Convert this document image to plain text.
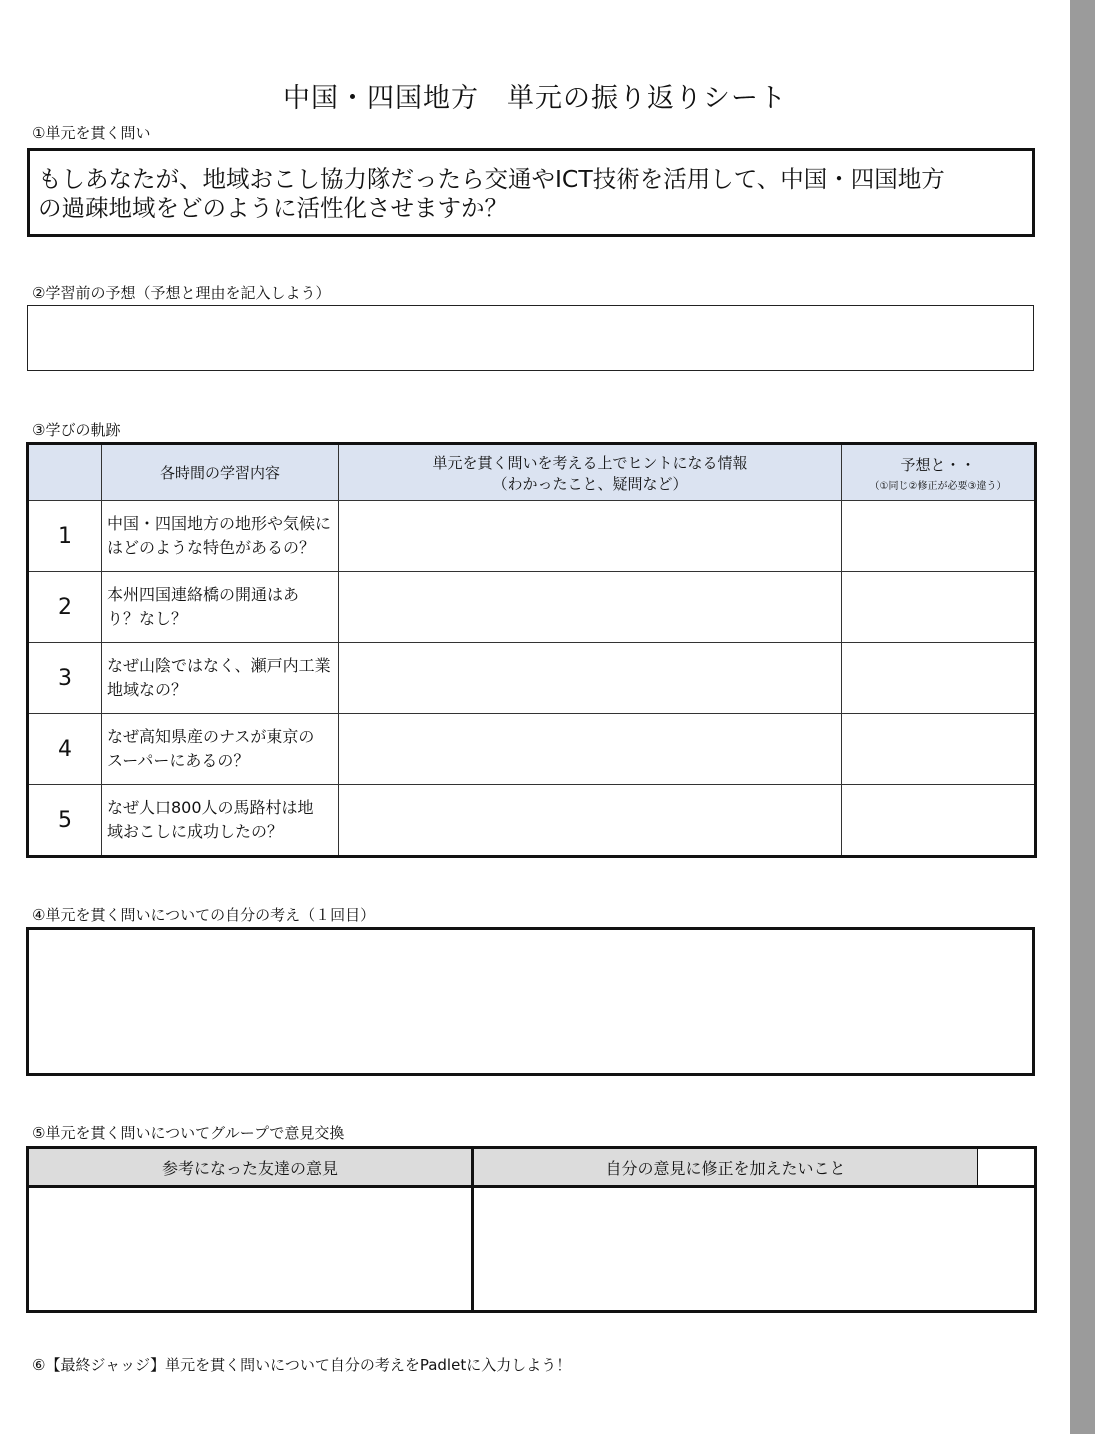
中国・四国地方　単元の振り返りシート
①単元を貫く問い
もしあなたが、地域おこし協力隊だったら交通やICT技術を活用して、中国・四国地方
の過疎地域をどのように活性化させますか？
②学習前の予想（予想と理由を記入しよう）
③学びの軌跡
	各時間の学習内容	単元を貫く問いを考える上でヒントになる情報
（わかったこと、疑問など）	予想と・・
（①同じ②修正が必要③違う）

1	中国・四国地方の地形や気候に
はどのような特色があるの？		
2	本州四国連絡橋の開通はあ
り？なし？		
3	なぜ山陰ではなく、瀬戸内工業
地域なの？		
4	なぜ高知県産のナスが東京の
スーパーにあるの？		
5	なぜ人口800人の馬路村は地
域おこしに成功したの？		
④単元を貫く問いについての自分の考え（１回目）
⑤単元を貫く問いについてグループで意見交換
参考になった友達の意見	自分の意見に修正を加えたいこと	

⑥【最終ジャッジ】単元を貫く問いについて自分の考えをPadletに入力しよう！
